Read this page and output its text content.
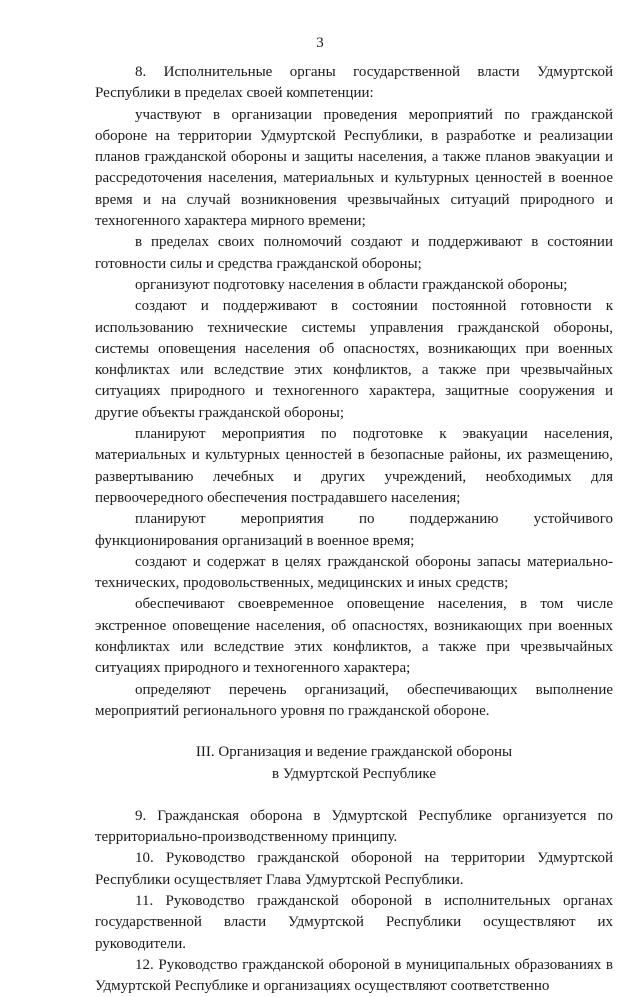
3

8. Исполнительные органы государственной власти Удмуртской Республики в пределах своей компетенции:

участвуют в организации проведения мероприятий по гражданской обороне на территории Удмуртской Республики, в разработке и реализации планов гражданской обороны и защиты населения, а также планов эвакуации и рассредоточения населения, материальных и культурных ценностей в военное время и на случай возникновения чрезвычайных ситуаций природного и техногенного характера мирного времени;

в пределах своих полномочий создают и поддерживают в состоянии готовности силы и средства гражданской обороны;

организуют подготовку населения в области гражданской обороны;

создают и поддерживают в состоянии постоянной готовности к использованию технические системы управления гражданской обороны, системы оповещения населения об опасностях, возникающих при военных конфликтах или вследствие этих конфликтов, а также при чрезвычайных ситуациях природного и техногенного характера, защитные сооружения и другие объекты гражданской обороны;

планируют мероприятия по подготовке к эвакуации населения, материальных и культурных ценностей в безопасные районы, их размещению, развертыванию лечебных и других учреждений, необходимых для первоочередного обеспечения пострадавшего населения;

планируют мероприятия по поддержанию устойчивого функционирования организаций в военное время;

создают и содержат в целях гражданской обороны запасы материально-технических, продовольственных, медицинских и иных средств;

обеспечивают своевременное оповещение населения, в том числе экстренное оповещение населения, об опасностях, возникающих при военных конфликтах или вследствие этих конфликтов, а также при чрезвычайных ситуациях природного и техногенного характера;

определяют перечень организаций, обеспечивающих выполнение мероприятий регионального уровня по гражданской обороне.

III. Организация и ведение гражданской обороны
в Удмуртской Республике

9. Гражданская оборона в Удмуртской Республике организуется по территориально-производственному принципу.

10. Руководство гражданской обороной на территории Удмуртской Республики осуществляет Глава Удмуртской Республики.

11. Руководство гражданской обороной в исполнительных органах государственной власти Удмуртской Республики осуществляют их руководители.

12. Руководство гражданской обороной в муниципальных образованиях в Удмуртской Республике и организациях осуществляют соответственно
